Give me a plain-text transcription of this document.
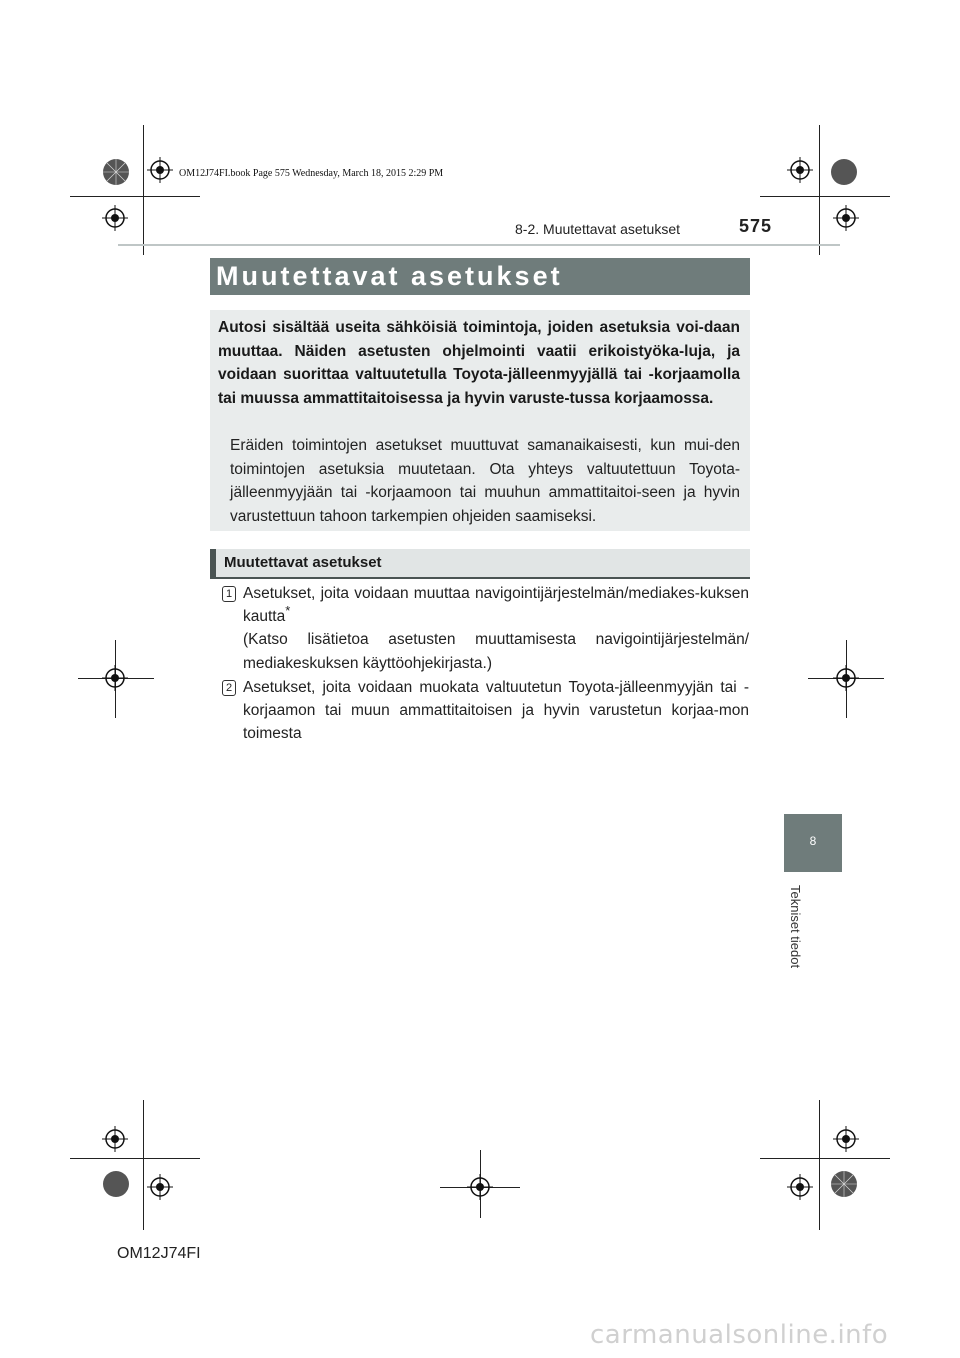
OM12J74FI.book Page 575 Wednesday, March 18, 2015 2:29 PM
8-2. Muutettavat asetukset	575
Muutettavat asetukset
Autosi sisältää useita sähköisiä toimintoja, joiden asetuksia voi-daan muuttaa. Näiden asetusten ohjelmointi vaatii erikoistyöka-luja, ja voidaan suorittaa valtuutetulla Toyota-jälleenmyyjällä tai -korjaamolla tai muussa ammattitaitoisessa ja hyvin varuste-tussa korjaamossa.
Eräiden toimintojen asetukset muuttuvat samanaikaisesti, kun mui-den toimintojen asetuksia muutetaan. Ota yhteys valtuutettuun Toyota-jälleenmyyjään tai -korjaamoon tai muuhun ammattitaitoi-seen ja hyvin varustettuun tahoon tarkempien ohjeiden saamiseksi.
Muutettavat asetukset
1 Asetukset, joita voidaan muuttaa navigointijärjestelmän/mediakes-kuksen kautta*
(Katso lisätietoa asetusten muuttamisesta navigointijärjestelmän/ mediakeskuksen käyttöohjekirjasta.)
2 Asetukset, joita voidaan muokata valtuutetun Toyota-jälleenmyyjän tai -korjaamon tai muun ammattitaitoisen ja hyvin varustetun korjaa-mon toimesta
8
Tekniset tiedot
OM12J74FI
carmanualsonline.info
